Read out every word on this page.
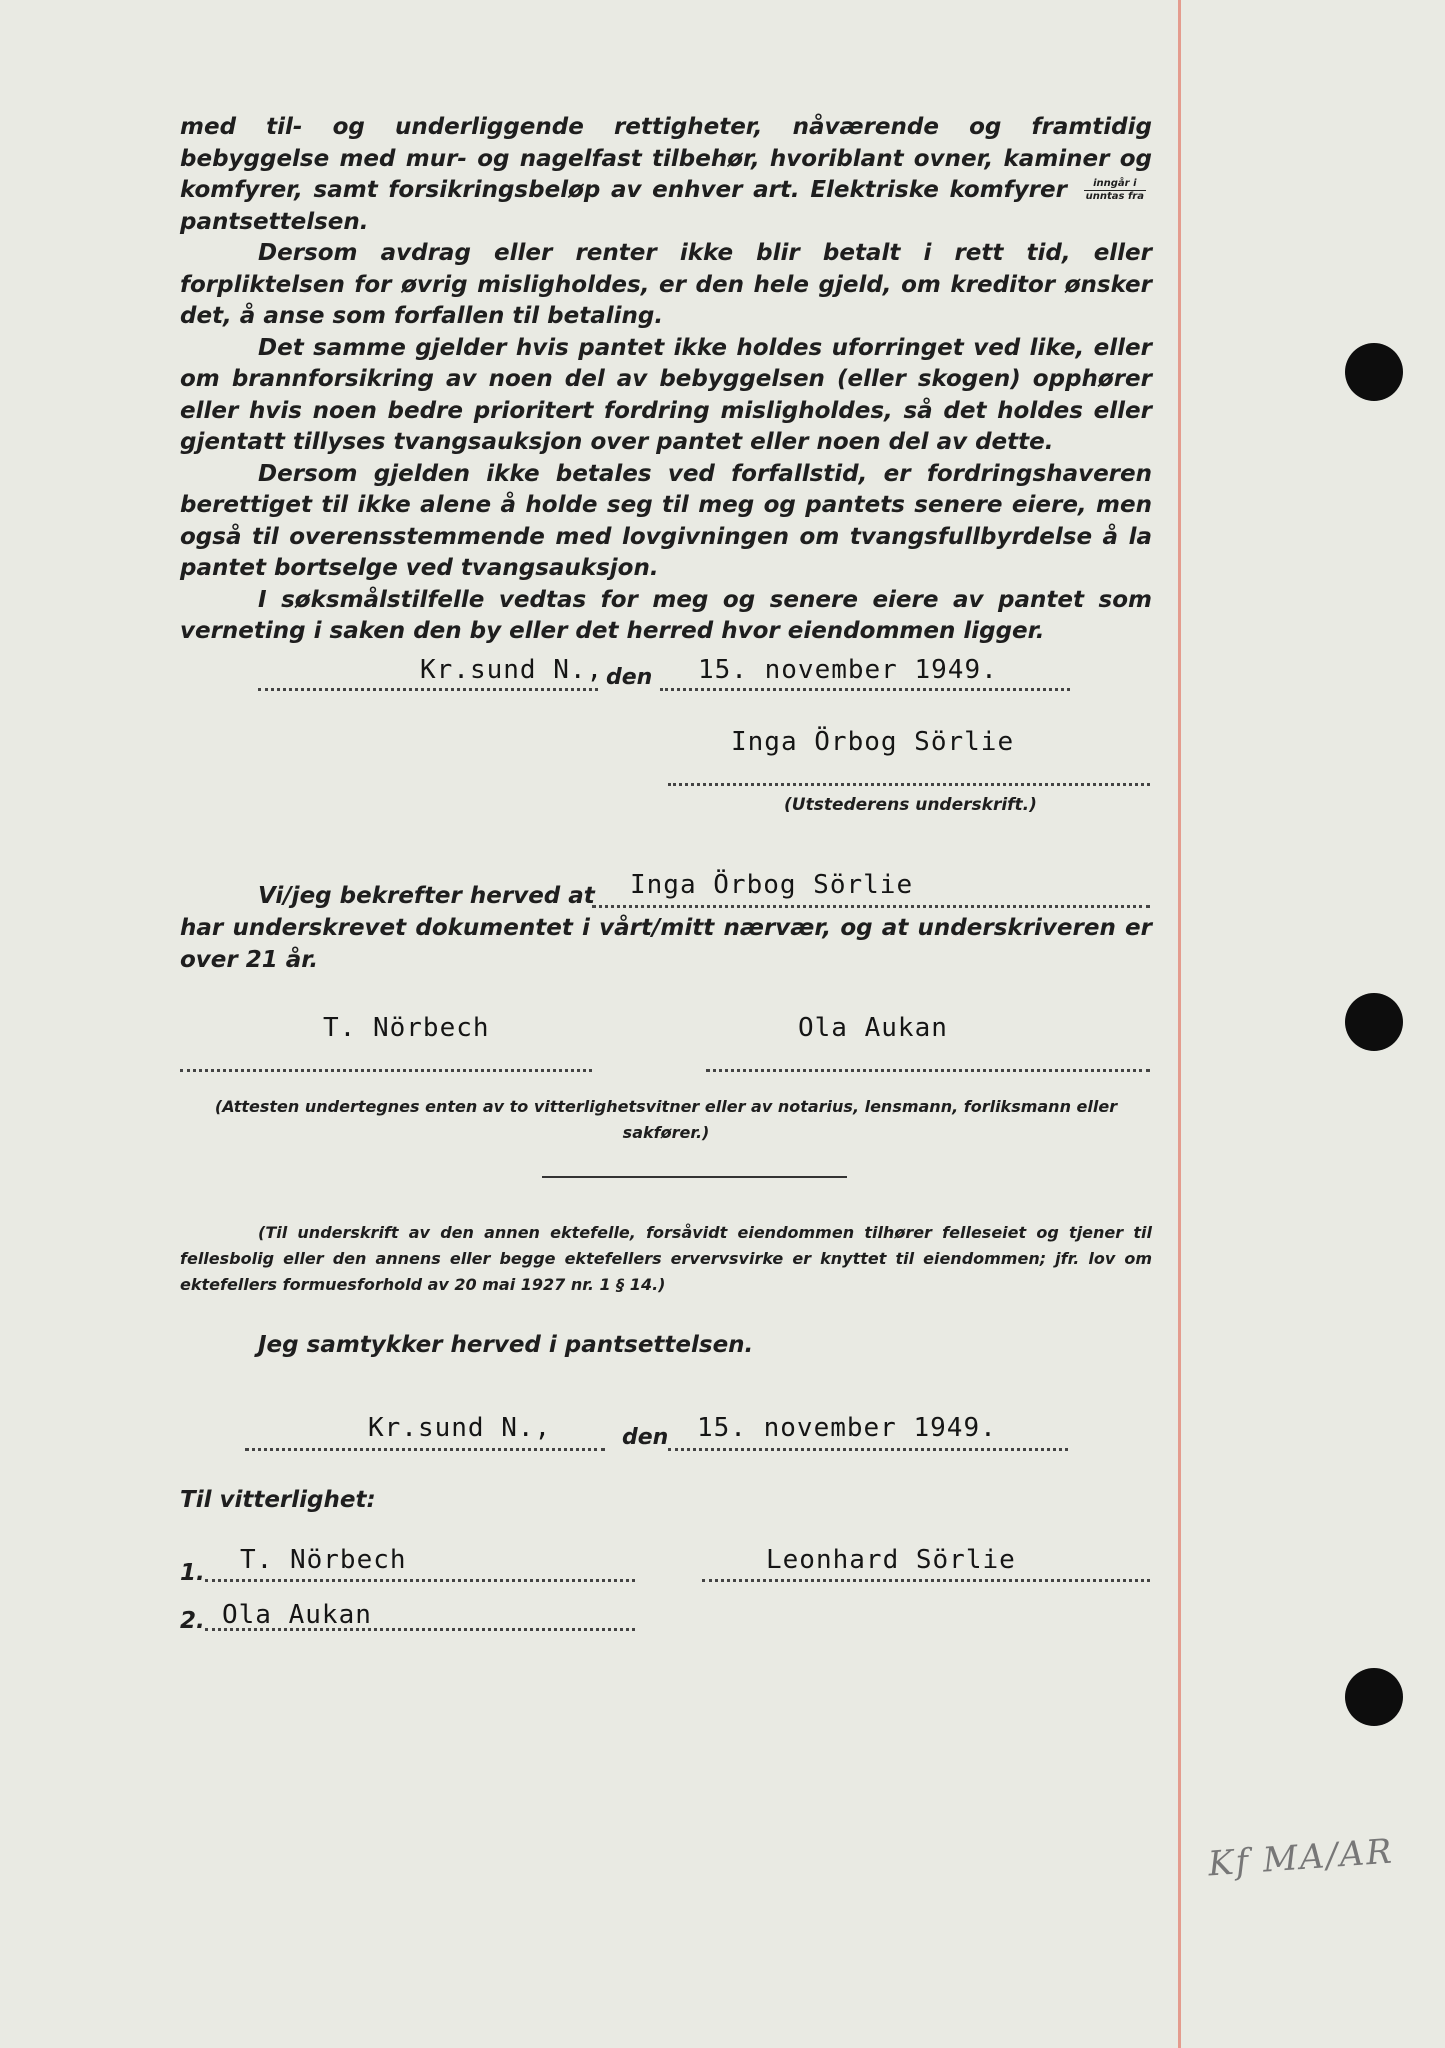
med til- og underliggende rettigheter, nåværende og framtidig bebyggelse med mur- og nagelfast tilbehør, hvoriblant ovner, kaminer og komfyrer, samt forsikringsbeløp av enhver art. Elektriske komfyrer $\frac{\text{inngår i}}{\text{unntas fra}}$
pantsettelsen.

Dersom avdrag eller renter ikke blir betalt i rett tid, eller forpliktelsen for øvrig misligholdes, er den hele gjeld, om kreditor ønsker det, å anse som forfallen til betaling.

Det samme gjelder hvis pantet ikke holdes uforringet ved like, eller om brannforsikring av noen del av bebyggelsen (eller skogen) opphører eller hvis noen bedre prioritert fordring misligholdes, så det holdes eller gjentatt tillyses tvangsauksjon over pantet eller noen del av dette.

Dersom gjelden ikke betales ved forfallstid, er fordringshaveren berettiget til ikke alene å holde seg til meg og pantets senere eiere, men også til overensstemmende med lovgivningen om tvangsfullbyrdelse å la pantet bortselge ved tvangsauksjon.

I søksmålstilfelle vedtas for meg og senere eiere av pantet som verneting i saken den by eller det herred hvor eiendommen ligger.

Kr.sund N., den 15. november 1949.
Inga Örbog Sörlie
(Utstederens underskrift.)
Vi/jeg bekrefter herved at Inga Örbog Sörlie

har underskrevet dokumentet i vårt/mitt nærvær, og at underskriveren er over 21 år.

T. Nörbech	Ola Aukan
(Attesten undertegnes enten av to vitterlighetsvitner eller av notarius, lensmann, forliksmann eller sakfører.)
(Til underskrift av den annen ektefelle, forsåvidt eiendommen tilhører felleseiet og tjener til fellesbolig eller den annens eller begge ektefellers ervervsvirke er knyttet til eiendommen; jfr. lov om ektefellers formuesforhold av 20 mai 1927 nr. 1 § 14.)
Jeg samtykker herved i pantsettelsen.
Kr.sund N.,	den 15. november 1949.
Til vitterlighet:
1. T. Nörbech	Leonhard Sörlie
2. Ola Aukan
Kf MA/AR
